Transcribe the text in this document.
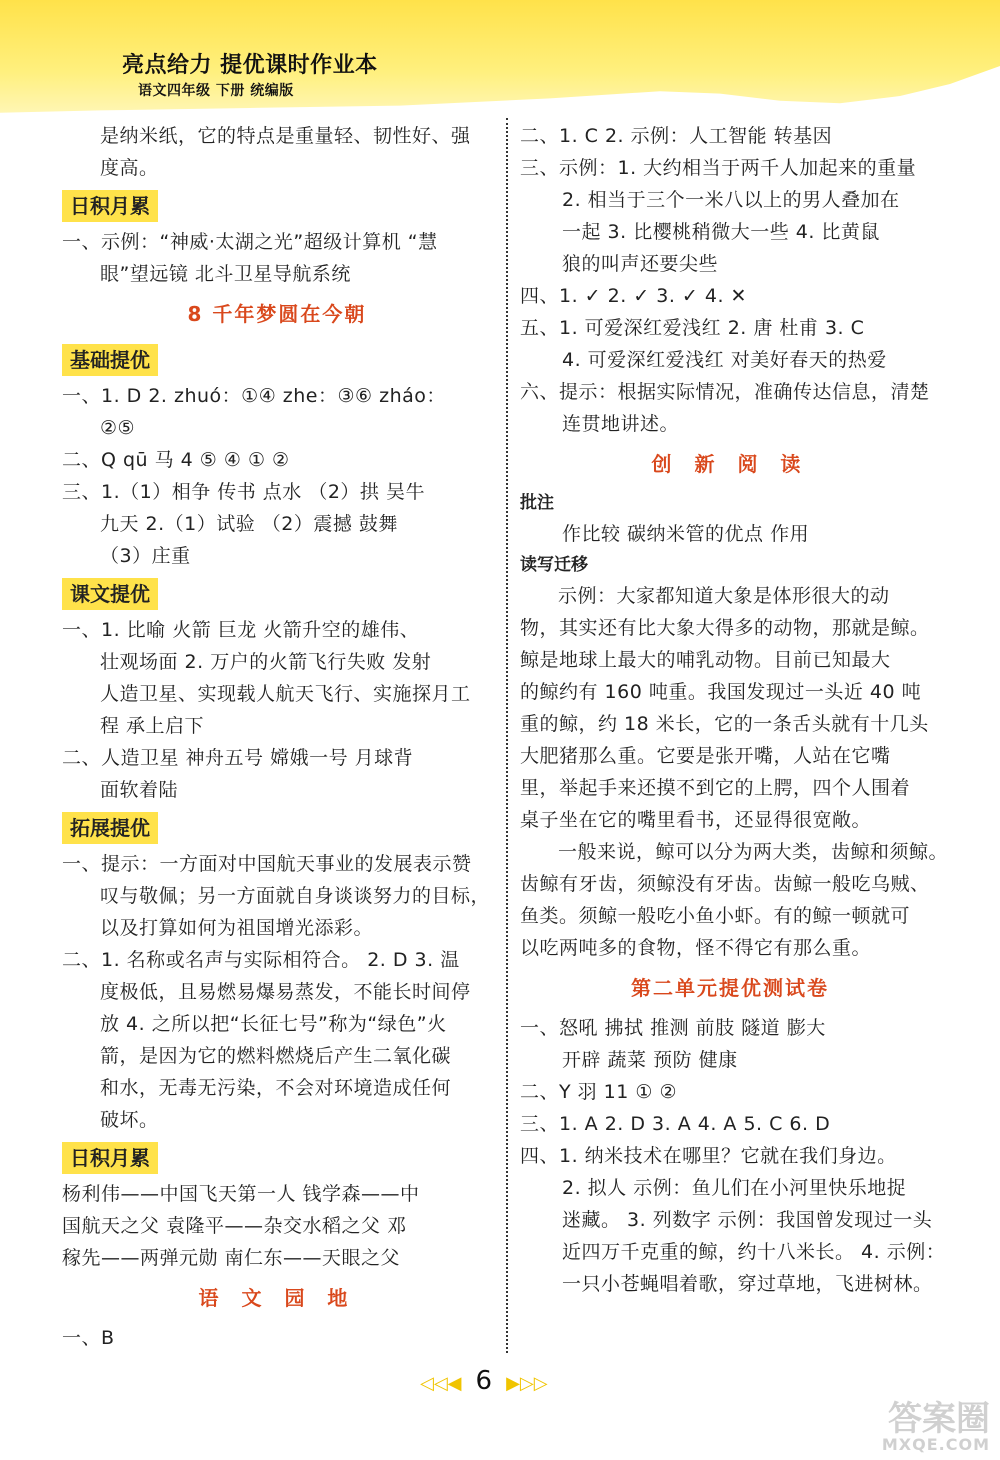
亮点给力 提优课时作业本
语文四年级 下册 统编版
是纳米纸，它的特点是重量轻、韧性好、强
度高。
日积月累
一、示例：“神威·太湖之光”超级计算机 “慧
眼”望远镜 北斗卫星导航系统
8 千年梦圆在今朝
基础提优
一、1. D 2. zhuó：①④ zhe：③⑥ zháo：
②⑤
二、Q qū 马 4 ⑤ ④ ① ②
三、1.（1）相争 传书 点水 （2）拱 吴牛
九天 2.（1）试验 （2）震撼 鼓舞
（3）庄重
课文提优
一、1. 比喻 火箭 巨龙 火箭升空的雄伟、
壮观场面 2. 万户的火箭飞行失败 发射
人造卫星、实现载人航天飞行、实施探月工
程 承上启下
二、人造卫星 神舟五号 嫦娥一号 月球背
面软着陆
拓展提优
一、提示：一方面对中国航天事业的发展表示赞
叹与敬佩；另一方面就自身谈谈努力的目标，
以及打算如何为祖国增光添彩。
二、1. 名称或名声与实际相符合。 2. D 3. 温
度极低，且易燃易爆易蒸发，不能长时间停
放 4. 之所以把“长征七号”称为“绿色”火
箭，是因为它的燃料燃烧后产生二氧化碳
和水，无毒无污染，不会对环境造成任何
破坏。
日积月累
杨利伟——中国飞天第一人 钱学森——中
国航天之父 袁隆平——杂交水稻之父 邓
稼先——两弹元勋 南仁东——天眼之父
语 文 园 地
一、B
二、1. C 2. 示例：人工智能 转基因
三、示例：1. 大约相当于两千人加起来的重量
2. 相当于三个一米八以上的男人叠加在
一起 3. 比樱桃稍微大一些 4. 比黄鼠
狼的叫声还要尖些
四、1. ✓ 2. ✓ 3. ✓ 4. ✕
五、1. 可爱深红爱浅红 2. 唐 杜甫 3. C
4. 可爱深红爱浅红 对美好春天的热爱
六、提示：根据实际情况，准确传达信息，清楚
连贯地讲述。
创 新 阅 读
批注
作比较 碳纳米管的优点 作用
读写迁移
示例：大家都知道大象是体形很大的动
物，其实还有比大象大得多的动物，那就是鲸。
鲸是地球上最大的哺乳动物。目前已知最大
的鲸约有 160 吨重。我国发现过一头近 40 吨
重的鲸，约 18 米长，它的一条舌头就有十几头
大肥猪那么重。它要是张开嘴，人站在它嘴
里，举起手来还摸不到它的上腭，四个人围着
桌子坐在它的嘴里看书，还显得很宽敞。
一般来说，鲸可以分为两大类，齿鲸和须鲸。
齿鲸有牙齿，须鲸没有牙齿。齿鲸一般吃乌贼、
鱼类。须鲸一般吃小鱼小虾。有的鲸一顿就可
以吃两吨多的食物，怪不得它有那么重。
第二单元提优测试卷
一、怒吼 拂拭 推测 前肢 隧道 膨大
开辟 蔬菜 预防 健康
二、Y 羽 11 ① ②
三、1. A 2. D 3. A 4. A 5. C 6. D
四、1. 纳米技术在哪里？它就在我们身边。
2. 拟人 示例：鱼儿们在小河里快乐地捉
迷藏。 3. 列数字 示例：我国曾发现过一头
近四万千克重的鲸，约十八米长。 4. 示例：
一只小苍蝇唱着歌，穿过草地，飞进树林。
◁◁◀ 6 ▶▷▷
答案圈
MXQE.COM
